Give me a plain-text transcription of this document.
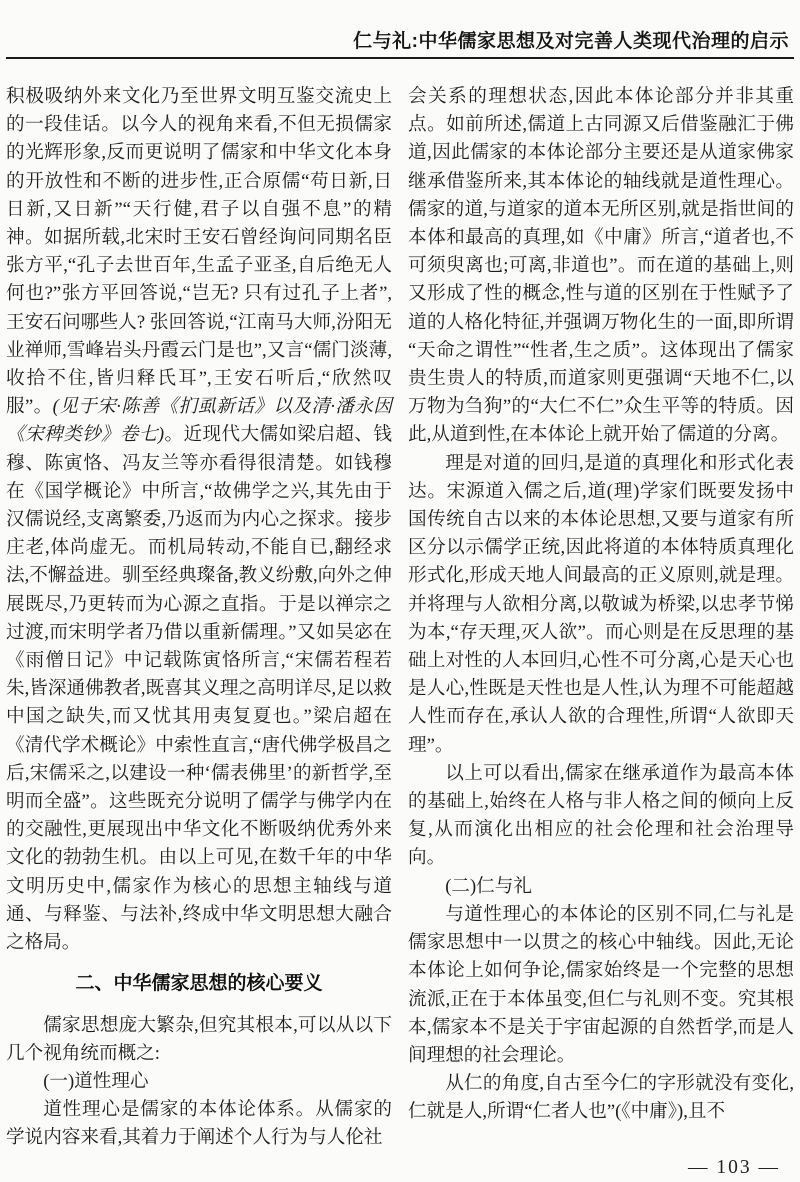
仁与礼:中华儒家思想及对完善人类现代治理的启示

积极吸纳外来文化乃至世界文明互鉴交流史上的一段佳话。以今人的视角来看,不但无损儒家的光辉形象,反而更说明了儒家和中华文化本身的开放性和不断的进步性,正合原儒“苟日新,日日新,又日新”“天行健,君子以自强不息”的精神。如据所载,北宋时王安石曾经询问同期名臣张方平,“孔子去世百年,生孟子亚圣,自后绝无人何也?”张方平回答说,“岂无? 只有过孔子上者”,王安石问哪些人? 张回答说,“江南马大师,汾阳无业禅师,雪峰岩头丹霞云门是也”,又言“儒门淡薄,收拾不住,皆归释氏耳”,王安石听后,“欣然叹服”。(见于宋·陈善《扪虱新话》以及清·潘永因《宋稗类钞》卷七)。近现代大儒如梁启超、钱穆、陈寅恪、冯友兰等亦看得很清楚。如钱穆在《国学概论》中所言,“故佛学之兴,其先由于汉儒说经,支离繁委,乃返而为内心之探求。接步庄老,体尚虚无。而机局转动,不能自已,翻经求法,不懈益进。驯至经典璨备,教义纷敷,向外之伸展既尽,乃更转而为心源之直指。于是以禅宗之过渡,而宋明学者乃借以重新儒理。”又如吴宓在《雨僧日记》中记载陈寅恪所言,“宋儒若程若朱,皆深通佛教者,既喜其义理之高明详尽,足以救中国之缺失,而又忧其用夷复夏也。”梁启超在《清代学术概论》中索性直言,“唐代佛学极昌之后,宋儒采之,以建设一种‘儒表佛里’的新哲学,至明而全盛”。这些既充分说明了儒学与佛学内在的交融性,更展现出中华文化不断吸纳优秀外来文化的勃勃生机。由以上可见,在数千年的中华文明历史中,儒家作为核心的思想主轴线与道通、与释鉴、与法补,终成中华文明思想大融合之格局。

二、中华儒家思想的核心要义

儒家思想庞大繁杂,但究其根本,可以从以下几个视角统而概之:

(一)道性理心

道性理心是儒家的本体论体系。从儒家的学说内容来看,其着力于阐述个人行为与人伦社

会关系的理想状态,因此本体论部分并非其重点。如前所述,儒道上古同源又后借鉴融汇于佛道,因此儒家的本体论部分主要还是从道家佛家继承借鉴所来,其本体论的轴线就是道性理心。儒家的道,与道家的道本无所区别,就是指世间的本体和最高的真理,如《中庸》所言,“道者也,不可须臾离也;可离,非道也”。而在道的基础上,则又形成了性的概念,性与道的区别在于性赋予了道的人格化特征,并强调万物化生的一面,即所谓“天命之谓性”“性者,生之质”。这体现出了儒家贵生贵人的特质,而道家则更强调“天地不仁,以万物为刍狗”的“大仁不仁”众生平等的特质。因此,从道到性,在本体论上就开始了儒道的分离。

理是对道的回归,是道的真理化和形式化表达。宋源道入儒之后,道(理)学家们既要发扬中国传统自古以来的本体论思想,又要与道家有所区分以示儒学正统,因此将道的本体特质真理化形式化,形成天地人间最高的正义原则,就是理。并将理与人欲相分离,以敬诚为桥梁,以忠孝节悌为本,“存天理,灭人欲”。而心则是在反思理的基础上对性的人本回归,心性不可分离,心是天心也是人心,性既是天性也是人性,认为理不可能超越人性而存在,承认人欲的合理性,所谓“人欲即天理”。

以上可以看出,儒家在继承道作为最高本体的基础上,始终在人格与非人格之间的倾向上反复,从而演化出相应的社会伦理和社会治理导向。

(二)仁与礼

与道性理心的本体论的区别不同,仁与礼是儒家思想中一以贯之的核心中轴线。因此,无论本体论上如何争论,儒家始终是一个完整的思想流派,正在于本体虽变,但仁与礼则不变。究其根本,儒家本不是关于宇宙起源的自然哲学,而是人间理想的社会理论。

从仁的角度,自古至今仁的字形就没有变化,仁就是人,所谓“仁者人也”(《中庸》),且不

— 103 —
